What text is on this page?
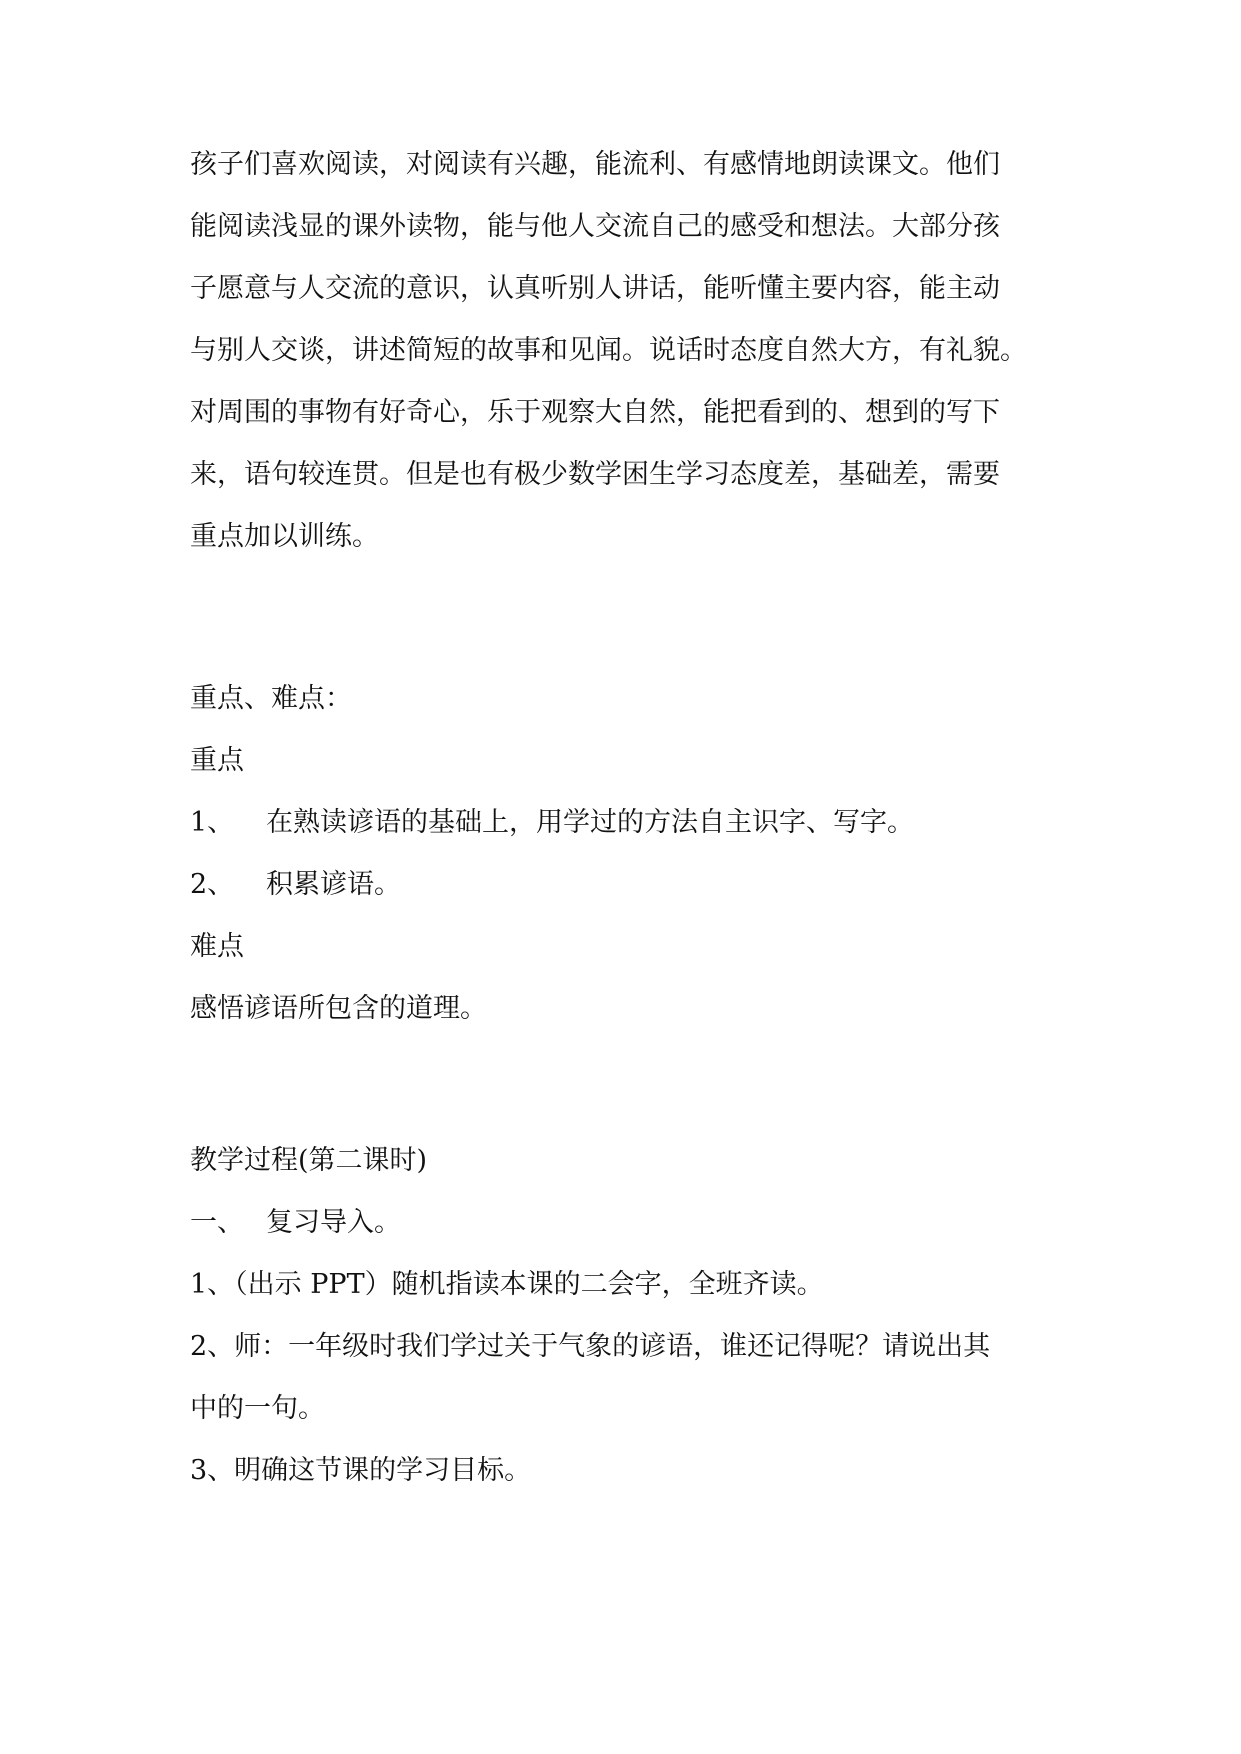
孩子们喜欢阅读，对阅读有兴趣，能流利、有感情地朗读课文。他们
能阅读浅显的课外读物，能与他人交流自己的感受和想法。大部分孩
子愿意与人交流的意识，认真听别人讲话，能听懂主要内容，能主动
与别人交谈，讲述简短的故事和见闻。说话时态度自然大方，有礼貌。
对周围的事物有好奇心，乐于观察大自然，能把看到的、想到的写下
来，语句较连贯。但是也有极少数学困生学习态度差，基础差，需要
重点加以训练。
重点、难点：
重点
1、 在熟读谚语的基础上，用学过的方法自主识字、写字。
2、 积累谚语。
难点
感悟谚语所包含的道理。
教学过程(第二课时)
一、 复习导入。
1、（出示 PPT）随机指读本课的二会字，全班齐读。
2、师：一年级时我们学过关于气象的谚语，谁还记得呢？请说出其
中的一句。
3、明确这节课的学习目标。
